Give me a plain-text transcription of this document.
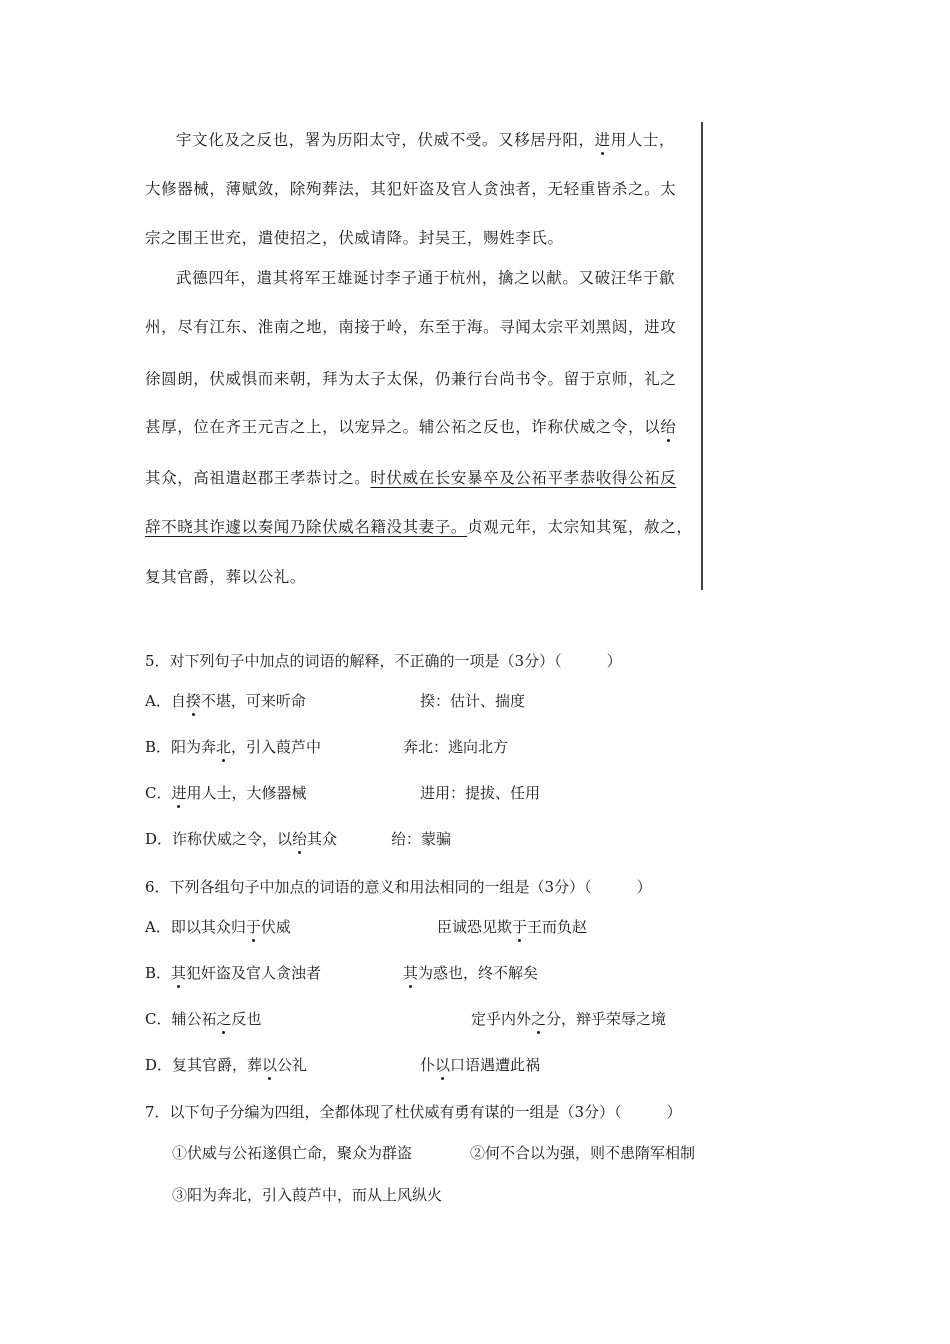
宇文化及之反也，署为历阳太守，伏威不受。又移居丹阳，进用人士，
大修器械，薄赋敛，除殉葬法，其犯奸盗及官人贪浊者，无轻重皆杀之。太
宗之围王世充，遣使招之，伏威请降。封吴王，赐姓李氏。
武德四年，遣其将军王雄诞讨李子通于杭州，擒之以献。又破汪华于歙
州，尽有江东、淮南之地，南接于岭，东至于海。寻闻太宗平刘黑闼，进攻
徐圆朗，伏威惧而来朝，拜为太子太保，仍兼行台尚书令。留于京师，礼之
甚厚，位在齐王元吉之上，以宠异之。辅公祏之反也，诈称伏威之令，以绐
其众，高祖遣赵郡王孝恭讨之。时伏威在长安暴卒及公祏平孝恭收得公祏反
辞不晓其诈遽以奏闻乃除伏威名籍没其妻子。贞观元年，太宗知其冤，赦之，
复其官爵，葬以公礼。
5．对下列句子中加点的词语的解释，不正确的一项是（3分）（　　　）
A．自揆不堪，可来听命	揆：估计、揣度
B．阳为奔北，引入葭芦中	奔北：逃向北方
C．进用人士，大修器械	进用：提拔、任用
D．诈称伏威之令，以绐其众	绐：蒙骗
6．下列各组句子中加点的词语的意义和用法相同的一组是（3分）（　　　）
A．即以其众归于伏威	臣诚恐见欺于王而负赵
B．其犯奸盗及官人贪浊者	其为惑也，终不解矣
C．辅公祏之反也	定乎内外之分，辩乎荣辱之境
D．复其官爵，葬以公礼	仆以口语遇遭此祸
7．以下句子分编为四组，全都体现了杜伏威有勇有谋的一组是（3分）（　　　）
①伏威与公祏遂俱亡命，聚众为群盗	②何不合以为强，则不患隋军相制
③阳为奔北，引入葭芦中，而从上风纵火
